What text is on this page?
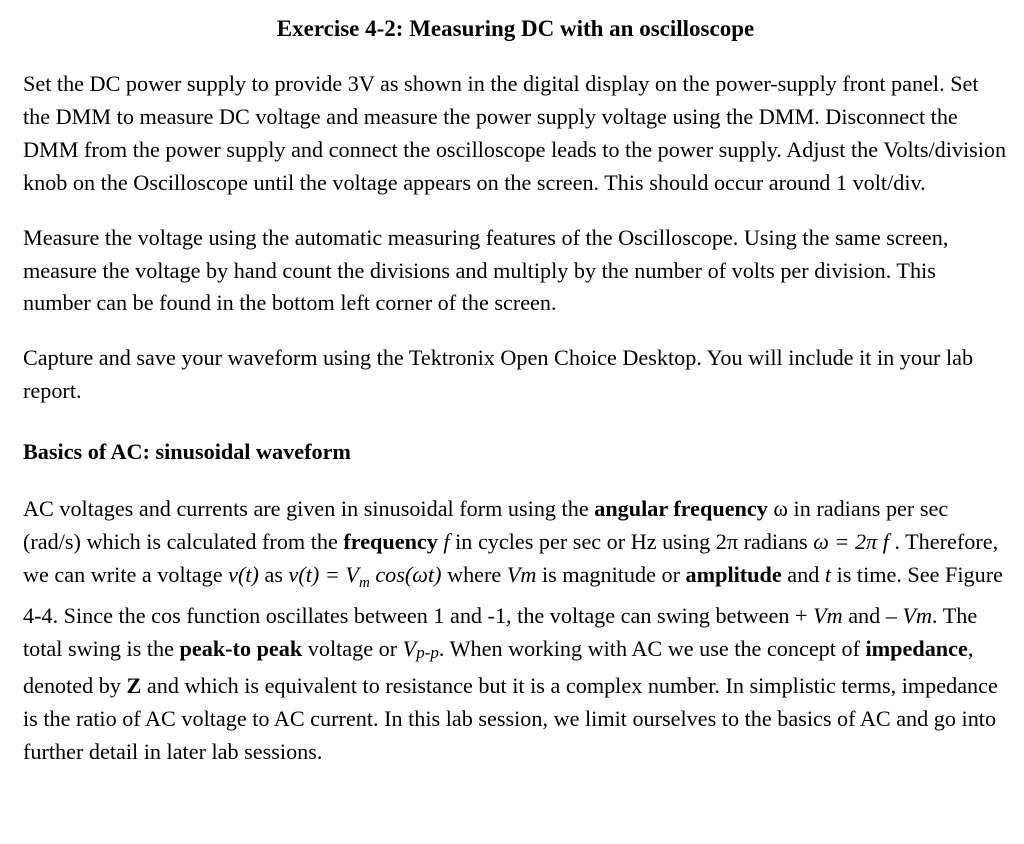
Exercise 4-2: Measuring DC with an oscilloscope

Set the DC power supply to provide 3V as shown in the digital display on the power-supply front panel. Set the DMM to measure DC voltage and measure the power supply voltage using the DMM. Disconnect the DMM from the power supply and connect the oscilloscope leads to the power supply. Adjust the Volts/division knob on the Oscilloscope until the voltage appears on the screen. This should occur around 1 volt/div.

Measure the voltage using the automatic measuring features of the Oscilloscope. Using the same screen, measure the voltage by hand count the divisions and multiply by the number of volts per division. This number can be found in the bottom left corner of the screen.

Capture and save your waveform using the Tektronix Open Choice Desktop. You will include it in your lab report.

Basics of AC: sinusoidal waveform

AC voltages and currents are given in sinusoidal form using the angular frequency ω in radians per sec (rad/s) which is calculated from the frequency f in cycles per sec or Hz using 2π radians ω = 2π f . Therefore, we can write a voltage v(t) as $v(t) = V_m$ cos(ωt) where Vm is magnitude or amplitude and t is time. See Figure 4-4. Since the cos function oscillates between 1 and -1, the voltage can swing between + Vm and – Vm. The total swing is the peak-to peak voltage or Vp-p. When working with AC we use the concept of impedance, denoted by Z and which is equivalent to resistance but it is a complex number. In simplistic terms, impedance is the ratio of AC voltage to AC current. In this lab session, we limit ourselves to the basics of AC and go into further detail in later lab sessions.
